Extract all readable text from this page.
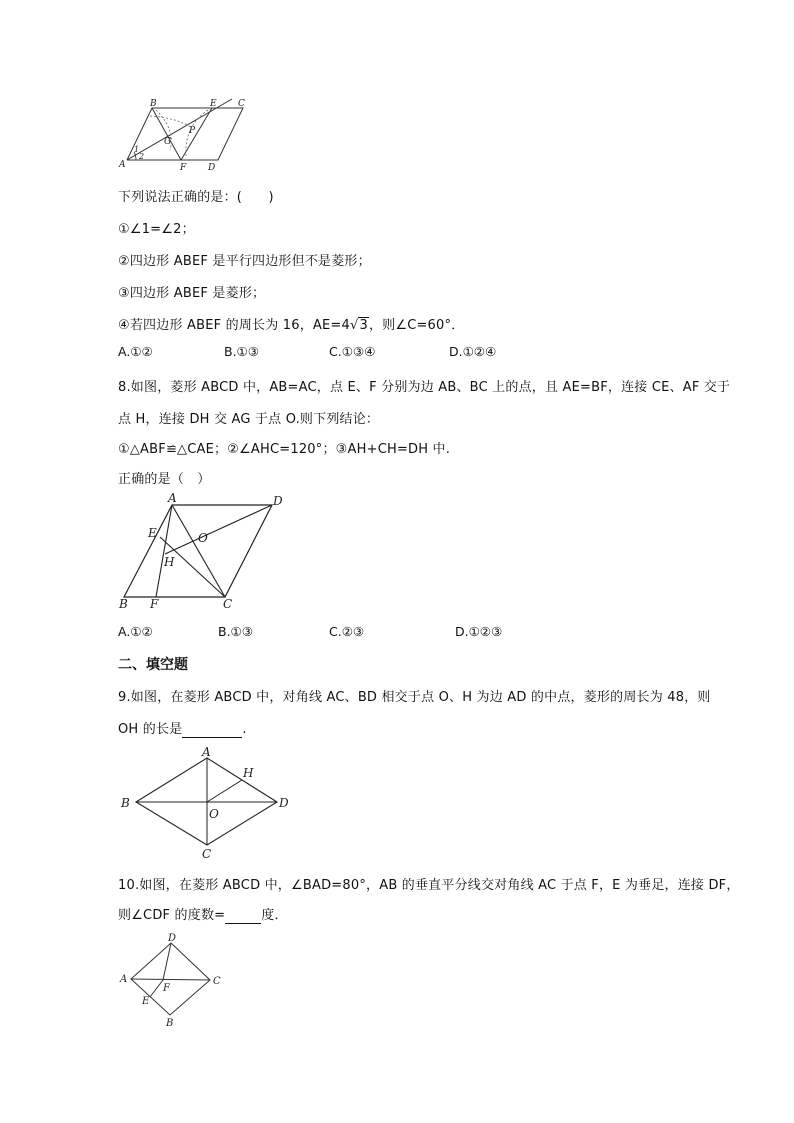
B	E C
P
G
1
2
A	F D
下列说法正确的是：(　　)
①∠1=∠2；
②四边形 ABEF 是平行四边形但不是菱形；
③四边形 ABEF 是菱形；
④若四边形 ABEF 的周长为 16，AE=4√3，则∠C=60°．
A.①②	B.①③	C.①③④	D.①②④
8.如图，菱形 ABCD 中，AB=AC，点 E、F 分别为边 AB、BC 上的点，且 AE=BF，连接 CE、AF 交于
点 H，连接 DH 交 AG 于点 O.则下列结论：
①△ABF≌△CAE；②∠AHC=120°；③AH+CH=DH 中.
正确的是（　）
A	D
E	O
H
B F	C
A.①②	B.①③	C.②③	D.①②③
二、填空题
9.如图，在菱形 ABCD 中，对角线 AC、BD 相交于点 O、H 为边 AD 的中点，菱形的周长为 48，则
OH 的长是	.
A
H
B	D
O
C
10.如图，在菱形 ABCD 中，∠BAD=80°，AB 的垂直平分线交对角线 AC 于点 F，E 为垂足，连接 DF，
则∠CDF 的度数=	度．
D
A
F
C
E
B
